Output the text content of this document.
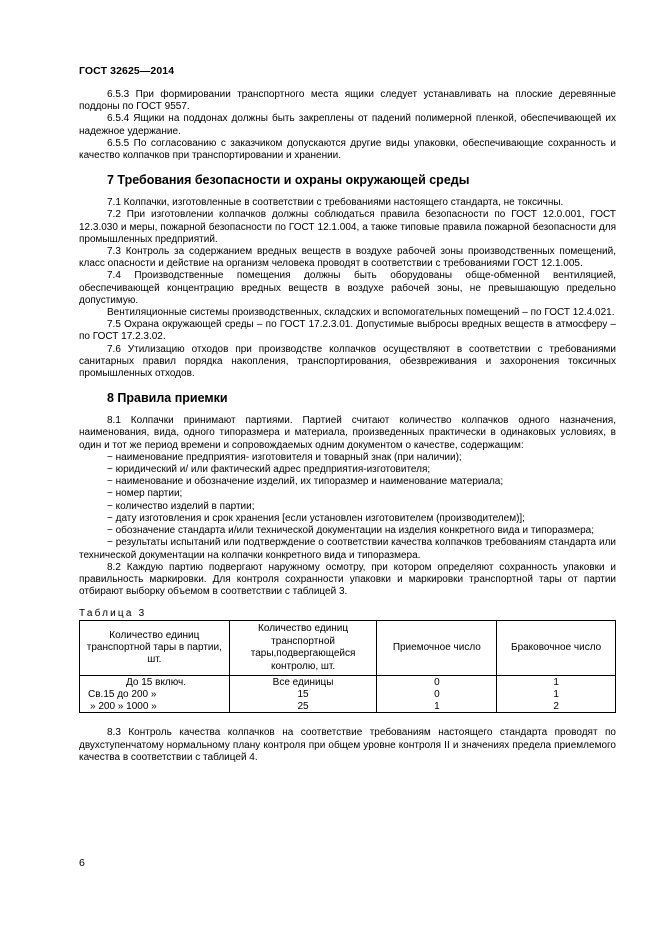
ГОСТ 32625—2014

6.5.3 При формировании транспортного места ящики следует устанавливать на плоские деревянные поддоны по ГОСТ 9557.

6.5.4 Ящики на поддонах должны быть закреплены от падений полимерной пленкой, обеспечивающей их надежное удержание.

6.5.5 По согласованию с заказчиком допускаются другие виды упаковки, обеспечивающие сохранность и качество колпачков при транспортировании и хранении.

7 Требования безопасности и охраны окружающей среды

7.1 Колпачки, изготовленные в соответствии с требованиями настоящего стандарта, не токсичны.

7.2 При изготовлении колпачков должны соблюдаться правила безопасности по ГОСТ 12.0.001, ГОСТ 12.3.030 и меры, пожарной безопасности по ГОСТ 12.1.004, а также типовые правила пожарной безопасности для промышленных предприятий.

7.3 Контроль за содержанием вредных веществ в воздухе рабочей зоны производственных помещений, класс опасности и действие на организм человека проводят в соответствии с требованиями ГОСТ 12.1.005.

7.4 Производственные помещения должны быть оборудованы обще-обменной вентиляцией, обеспечивающей концентрацию вредных веществ в воздухе рабочей зоны, не превышающую предельно допустимую.

Вентиляционные системы производственных, складских и вспомогательных помещений – по ГОСТ 12.4.021.

7.5 Охрана окружающей среды – по ГОСТ 17.2.3.01. Допустимые выбросы вредных веществ в атмосферу – по ГОСТ 17.2.3.02.

7.6 Утилизацию отходов при производстве колпачков осуществляют в соответствии с требованиями санитарных правил порядка накопления, транспортирования, обезвреживания и захоронения токсичных промышленных отходов.

8 Правила приемки

8.1 Колпачки принимают партиями. Партией считают количество колпачков одного назначения, наименования, вида, одного типоразмера и материала, произведенных практически в одинаковых условиях, в один и тот же период времени и сопровождаемых одним документом о качестве, содержащим:

− наименование предприятия- изготовителя и товарный знак (при наличии);

− юридический и/ или фактический адрес предприятия-изготовителя;

− наименование и обозначение изделий, их типоразмер и наименование материала;

− номер партии;

− количество изделий в партии;

− дату изготовления и срок хранения [если установлен изготовителем (производителем)];

− обозначение стандарта и/или технической документации на изделия конкретного вида и типоразмера;

− результаты испытаний или подтверждение о соответствии качества колпачков требованиям стандарта или технической документации на колпачки конкретного вида и типоразмера.

8.2 Каждую партию подвергают наружному осмотру, при котором определяют сохранность упаковки и правильность маркировки. Для контроля сохранности упаковки и маркировки транспортной тары от партии отбирают выборку объемом в соответствии с таблицей 3.

Таблица 3
Количество единиц транспортной тары в партии, шт.	Количество единиц транспортной тары,подвергающейся контролю, шт.	Приемочное число	Браковочное число
До 15 включ.	Все единицы	0	1
Св.15 до 200 »	15	0	1
» 200 » 1000 »	25	1	2

8.3 Контроль качества колпачков на соответствие требованиям настоящего стандарта проводят по двухступенчатому нормальному плану контроля при общем уровне контроля II и значениях предела приемлемого качества в соответствии с таблицей 4.

6
